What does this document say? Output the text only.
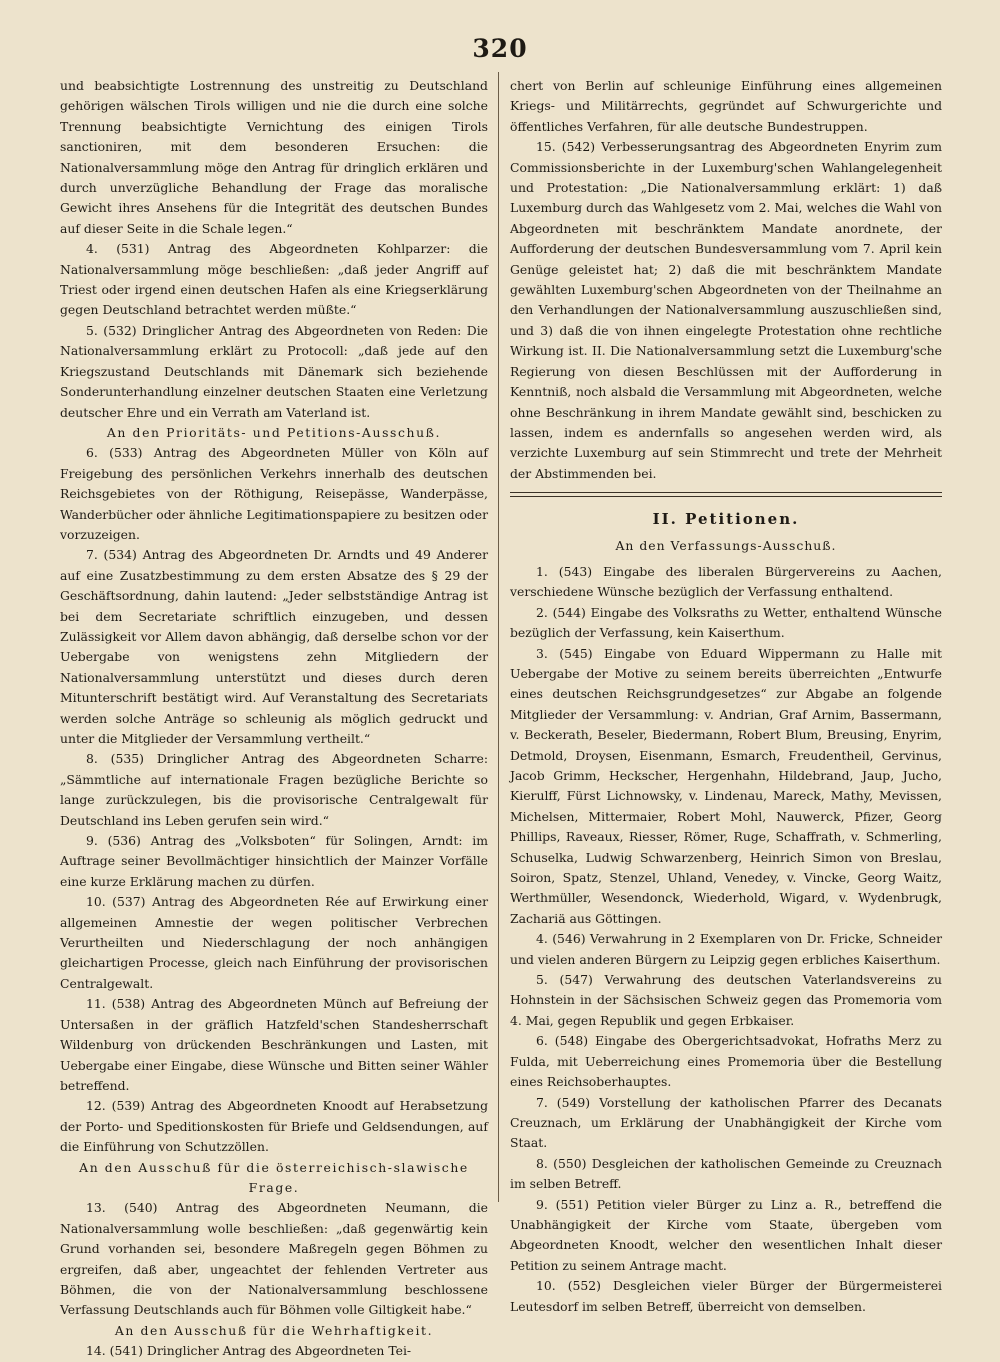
320

und beabsichtigte Lostrennung des unstreitig zu Deutschland gehörigen wälschen Tirols willigen und nie die durch eine solche Trennung beabsichtigte Vernichtung des einigen Tirols sanctioniren, mit dem besonderen Ersuchen: die Nationalversammlung möge den Antrag für dringlich erklären und durch unverzügliche Behandlung der Frage das moralische Gewicht ihres Ansehens für die Integrität des deutschen Bundes auf dieser Seite in die Schale legen.“

4. (531) Antrag des Abgeordneten Kohlparzer: die Nationalversammlung möge beschließen: „daß jeder Angriff auf Triest oder irgend einen deutschen Hafen als eine Kriegserklärung gegen Deutschland betrachtet werden müßte.“

5. (532) Dringlicher Antrag des Abgeordneten von Reden: Die Nationalversammlung erklärt zu Protocoll: „daß jede auf den Kriegszustand Deutschlands mit Dänemark sich beziehende Sonderunterhandlung einzelner deutschen Staaten eine Verletzung deutscher Ehre und ein Verrath am Vaterland ist.

An den Prioritäts- und Petitions-Ausschuß.

6. (533) Antrag des Abgeordneten Müller von Köln auf Freigebung des persönlichen Verkehrs innerhalb des deutschen Reichsgebietes von der Röthigung, Reisepässe, Wanderpässe, Wanderbücher oder ähnliche Legitimationspapiere zu besitzen oder vorzuzeigen.

7. (534) Antrag des Abgeordneten Dr. Arndts und 49 Anderer auf eine Zusatzbestimmung zu dem ersten Absatze des § 29 der Geschäftsordnung, dahin lautend: „Jeder selbstständige Antrag ist bei dem Secretariate schriftlich einzugeben, und dessen Zulässigkeit vor Allem davon abhängig, daß derselbe schon vor der Uebergabe von wenigstens zehn Mitgliedern der Nationalversammlung unterstützt und dieses durch deren Mitunterschrift bestätigt wird. Auf Veranstaltung des Secretariats werden solche Anträge so schleunig als möglich gedruckt und unter die Mitglieder der Versammlung vertheilt.“

8. (535) Dringlicher Antrag des Abgeordneten Scharre: „Sämmtliche auf internationale Fragen bezügliche Berichte so lange zurückzulegen, bis die provisorische Centralgewalt für Deutschland ins Leben gerufen sein wird.“

9. (536) Antrag des „Volksboten“ für Solingen, Arndt: im Auftrage seiner Bevollmächtiger hinsichtlich der Mainzer Vorfälle eine kurze Erklärung machen zu dürfen.

10. (537) Antrag des Abgeordneten Rée auf Erwirkung einer allgemeinen Amnestie der wegen politischer Verbrechen Verurtheilten und Niederschlagung der noch anhängigen gleichartigen Processe, gleich nach Einführung der provisorischen Centralgewalt.

11. (538) Antrag des Abgeordneten Münch auf Befreiung der Untersaßen in der gräflich Hatzfeld'schen Standesherrschaft Wildenburg von drückenden Beschränkungen und Lasten, mit Uebergabe einer Eingabe, diese Wünsche und Bitten seiner Wähler betreffend.

12. (539) Antrag des Abgeordneten Knoodt auf Herabsetzung der Porto- und Speditionskosten für Briefe und Geldsendungen, auf die Einführung von Schutzzöllen.

An den Ausschuß für die österreichisch-slawische Frage.

13. (540) Antrag des Abgeordneten Neumann, die Nationalversammlung wolle beschließen: „daß gegenwärtig kein Grund vorhanden sei, besondere Maßregeln gegen Böhmen zu ergreifen, daß aber, ungeachtet der fehlenden Vertreter aus Böhmen, die von der Nationalversammlung beschlossene Verfassung Deutschlands auch für Böhmen volle Giltigkeit habe.“

An den Ausschuß für die Wehrhaftigkeit.

14. (541) Dringlicher Antrag des Abgeordneten Tei-

chert von Berlin auf schleunige Einführung eines allgemeinen Kriegs- und Militärrechts, gegründet auf Schwurgerichte und öffentliches Verfahren, für alle deutsche Bundestruppen.

15. (542) Verbesserungsantrag des Abgeordneten Enyrim zum Commissionsberichte in der Luxemburg'schen Wahlangelegenheit und Protestation: „Die Nationalversammlung erklärt: 1) daß Luxemburg durch das Wahlgesetz vom 2. Mai, welches die Wahl von Abgeordneten mit beschränktem Mandate anordnete, der Aufforderung der deutschen Bundesversammlung vom 7. April kein Genüge geleistet hat; 2) daß die mit beschränktem Mandate gewählten Luxemburg'schen Abgeordneten von der Theilnahme an den Verhandlungen der Nationalversammlung auszuschließen sind, und 3) daß die von ihnen eingelegte Protestation ohne rechtliche Wirkung ist. II. Die Nationalversammlung setzt die Luxemburg'sche Regierung von diesen Beschlüssen mit der Aufforderung in Kenntniß, noch alsbald die Versammlung mit Abgeordneten, welche ohne Beschränkung in ihrem Mandate gewählt sind, beschicken zu lassen, indem es andernfalls so angesehen werden wird, als verzichte Luxemburg auf sein Stimmrecht und trete der Mehrheit der Abstimmenden bei.

II. Petitionen.

An den Verfassungs-Ausschuß.

1. (543) Eingabe des liberalen Bürgervereins zu Aachen, verschiedene Wünsche bezüglich der Verfassung enthaltend.

2. (544) Eingabe des Volksraths zu Wetter, enthaltend Wünsche bezüglich der Verfassung, kein Kaiserthum.

3. (545) Eingabe von Eduard Wippermann zu Halle mit Uebergabe der Motive zu seinem bereits überreichten „Entwurfe eines deutschen Reichsgrundgesetzes“ zur Abgabe an folgende Mitglieder der Versammlung: v. Andrian, Graf Arnim, Bassermann, v. Beckerath, Beseler, Biedermann, Robert Blum, Breusing, Enyrim, Detmold, Droysen, Eisenmann, Esmarch, Freudentheil, Gervinus, Jacob Grimm, Heckscher, Hergenhahn, Hildebrand, Jaup, Jucho, Kierulff, Fürst Lichnowsky, v. Lindenau, Mareck, Mathy, Mevissen, Michelsen, Mittermaier, Robert Mohl, Nauwerck, Pfizer, Georg Phillips, Raveaux, Riesser, Römer, Ruge, Schaffrath, v. Schmerling, Schuselka, Ludwig Schwarzenberg, Heinrich Simon von Breslau, Soiron, Spatz, Stenzel, Uhland, Venedey, v. Vincke, Georg Waitz, Werthmüller, Wesendonck, Wiederhold, Wigard, v. Wydenbrugk, Zachariä aus Göttingen.

4. (546) Verwahrung in 2 Exemplaren von Dr. Fricke, Schneider und vielen anderen Bürgern zu Leipzig gegen erbliches Kaiserthum.

5. (547) Verwahrung des deutschen Vaterlandsvereins zu Hohnstein in der Sächsischen Schweiz gegen das Promemoria vom 4. Mai, gegen Republik und gegen Erbkaiser.

6. (548) Eingabe des Obergerichtsadvokat, Hofraths Merz zu Fulda, mit Ueberreichung eines Promemoria über die Bestellung eines Reichsoberhauptes.

7. (549) Vorstellung der katholischen Pfarrer des Decanats Creuznach, um Erklärung der Unabhängigkeit der Kirche vom Staat.

8. (550) Desgleichen der katholischen Gemeinde zu Creuznach im selben Betreff.

9. (551) Petition vieler Bürger zu Linz a. R., betreffend die Unabhängigkeit der Kirche vom Staate, übergeben vom Abgeordneten Knoodt, welcher den wesentlichen Inhalt dieser Petition zu seinem Antrage macht.

10. (552) Desgleichen vieler Bürger der Bürgermeisterei Leutesdorf im selben Betreff, überreicht von demselben.
